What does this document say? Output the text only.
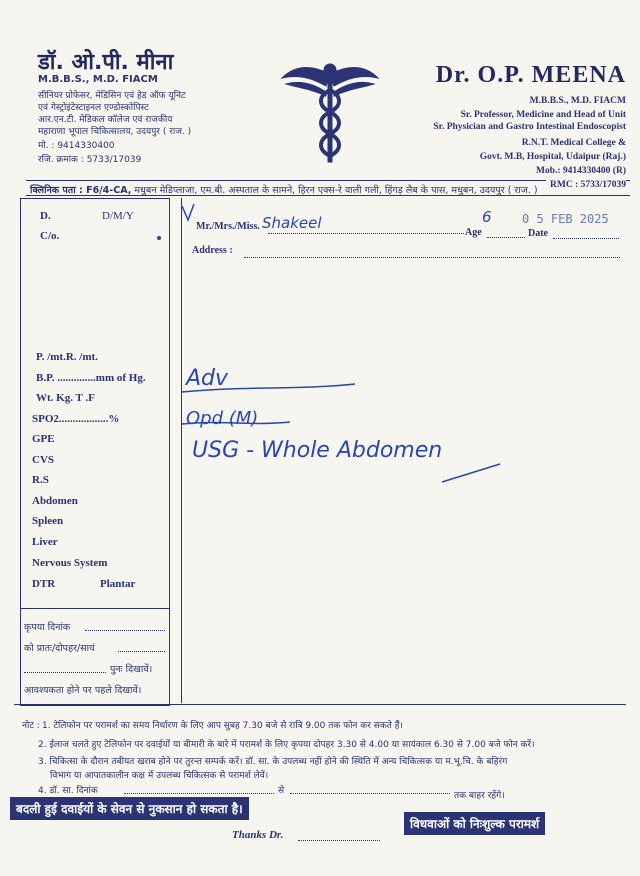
डॉ. ओ.पी. मीना
M.B.B.S., M.D. FIACM
सीनियर प्रोफेसर, मेडिसिन एवं हेड ऑफ यूनिट
एवं गेस्ट्रोइंटेस्टाइनल एण्डोस्कोपिस्ट
आर.एन.टी. मेडिकल कॉलेज एवं राजकीय
महाराणा भूपाल चिकित्सालय, उदयपुर ( राज. )
मो. : 9414330400
रजि. क्रमांक : 5733/17039
Dr. O.P. MEENA
M.B.B.S., M.D. FIACM
Sr. Professor, Medicine and Head of Unit
Sr. Physician and Gastro Intestinal Endoscopist
R.N.T. Medical College &
Govt. M.B, Hospital, Udaipur (Raj.)
Mob.: 9414330400 (R)
क्लिनिक पता : F6/4-CA, मधुबन मेडिप्लाजा, एम.बी. अस्पताल के सामने, हिरन एक्स-रे वाली गली, हिंगड़ लैब के पास, मधुबन, उदयपुर ( राज. )	RMC : 5733/17039
D.	D/M/Y
C/o.
P. /mt.R. /mt.
B.P. ..............mm of Hg.
Wt. Kg. T .F
SPO2..................%
GPE
CVS
R.S
Abdomen
Spleen
Liver
Nervous System
DTR	Plantar
कृपया दिनांक
को प्रातः/दोपहर/सायं
पुनः दिखावें।
आवश्यकता होने पर पहले दिखावें।
Mr./Mrs./Miss. Shakeel
Age
6
Date
0 5 FEB 2025
Address :
Adv
Opd (M)
USG - Whole Abdomen
नोट : 1. टेलिफोन पर परामर्श का समय निर्धारण के लिए आप सुबह 7.30 बजे से रात्रि 9.00 तक फोन कर सकते हैं।
2. ईलाज चलते हुए टेलिफोन पर दवाईयों या बीमारी के बारे में परामर्श के लिए कृपया दोपहर 3.30 से 4.00 या सायंकाल 6.30 से 7.00 बजे फोन करें।
3. चिकित्सा के दौरान तबीयत खराब होने पर तुरन्त सम्पर्क करें। डॉ. सा. के उपलब्ध नहीं होने की स्थिति में अन्य चिकित्सक या म.भू.चि. के बहिरंग
विभाग या आपातकालीन कक्ष में उपलब्ध चिकित्सक से परामर्श लेवें।
4. डॉ. सा. दिनांक	से	तक बाहर रहेंगे।
बदली हुई दवाईयों के सेवन से नुकसान हो सकता है।
विधवाओं को निःशुल्क परामर्श
Thanks Dr.
